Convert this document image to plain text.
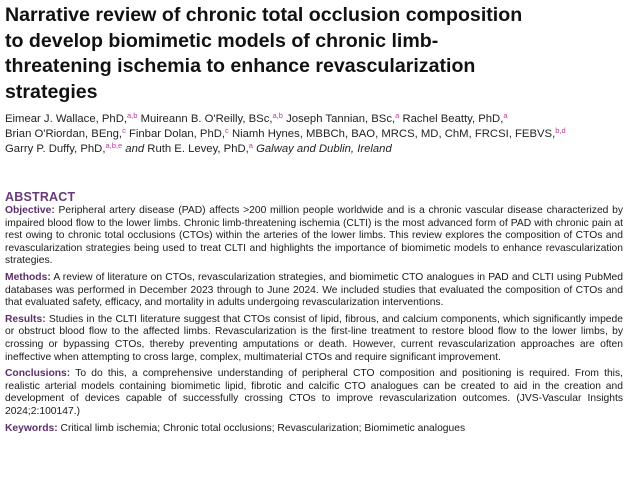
Narrative review of chronic total occlusion composition
to develop biomimetic models of chronic limb-
threatening ischemia to enhance revascularization
strategies
Eimear J. Wallace, PhD,$^{a,b}$ Muireann B. O'Reilly, BSc,$^{a,b}$ Joseph Tannian, BSc,$^a$ Rachel Beatty, PhD,$^a$
Brian O'Riordan, BEng,$^c$ Finbar Dolan, PhD,$^c$ Niamh Hynes, MBBCh, BAO, MRCS, MD, ChM, FRCSI, FEBVS,$^{b,d}$
Garry P. Duffy, PhD,$^{a,b,e}$ and Ruth E. Levey, PhD,$^a$ Galway and Dublin, Ireland
ABSTRACT

Objective: Peripheral artery disease (PAD) affects >200 million people worldwide and is a chronic vascular disease characterized by impaired blood flow to the lower limbs. Chronic limb-threatening ischemia (CLTI) is the most advanced form of PAD with chronic pain at rest owing to chronic total occlusions (CTOs) within the arteries of the lower limbs. This review explores the composition of CTOs and revascularization strategies being used to treat CLTI and highlights the importance of biomimetic models to enhance revascularization strategies.

Methods: A review of literature on CTOs, revascularization strategies, and biomimetic CTO analogues in PAD and CLTI using PubMed databases was performed in December 2023 through to June 2024. We included studies that evaluated the composition of CTOs and that evaluated safety, efficacy, and mortality in adults undergoing revascularization interventions.

Results: Studies in the CLTI literature suggest that CTOs consist of lipid, fibrous, and calcium components, which significantly impede or obstruct blood flow to the affected limbs. Revascularization is the first-line treatment to restore blood flow to the lower limbs, by crossing or bypassing CTOs, thereby preventing amputations or death. However, current revascularization approaches are often ineffective when attempting to cross large, complex, multimaterial CTOs and require significant improvement.

Conclusions: To do this, a comprehensive understanding of peripheral CTO composition and positioning is required. From this, realistic arterial models containing biomimetic lipid, fibrotic and calcific CTO analogues can be created to aid in the creation and development of devices capable of successfully crossing CTOs to improve revascularization outcomes. (JVS-Vascular Insights 2024;2:100147.)

Keywords: Critical limb ischemia; Chronic total occlusions; Revascularization; Biomimetic analogues
